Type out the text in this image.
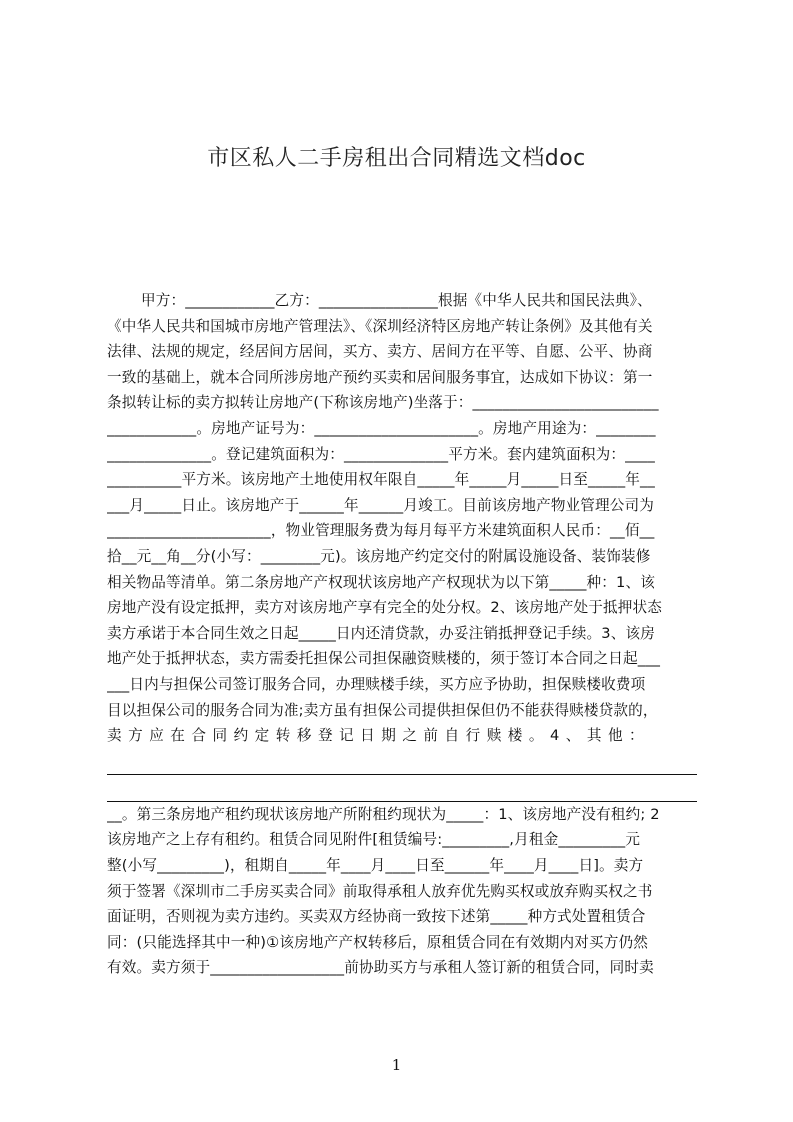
市区私人二手房租出合同精选文档doc
甲方：____________乙方：________________根据《中华人民共和国民法典》、
《中华人民共和国城市房地产管理法》、《深圳经济特区房地产转让条例》及其他有关
法律、法规的规定，经居间方居间，买方、卖方、居间方在平等、自愿、公平、协商
一致的基础上，就本合同所涉房地产预约买卖和居间服务事宜，达成如下协议：第一
条拟转让标的卖方拟转让房地产(下称该房地产)坐落于：_________________________
____________。房地产证号为：______________________。房地产用途为：________
______________。登记建筑面积为：______________平方米。套内建筑面积为：____
__________平方米。该房地产土地使用权年限自_____年_____月_____日至_____年__
___月_____日止。该房地产于______年______月竣工。目前该房地产物业管理公司为
______________________，物业管理服务费为每月每平方米建筑面积人民币：__佰__
拾__元__角__分(小写：________元)。该房地产约定交付的附属设施设备、装饰装修
相关物品等清单。第二条房地产产权现状该房地产产权现状为以下第_____种：1、该
房地产没有设定抵押，卖方对该房地产享有完全的处分权。2、该房地产处于抵押状态
卖方承诺于本合同生效之日起_____日内还清贷款，办妥注销抵押登记手续。3、该房
地产处于抵押状态，卖方需委托担保公司担保融资赎楼的，须于签订本合同之日起___
___日内与担保公司签订服务合同，办理赎楼手续，买方应予协助，担保赎楼收费项
目以担保公司的服务合同为准;卖方虽有担保公司提供担保但仍不能获得赎楼贷款的，
卖方应在合同约定转移登记日期之前自行赎楼。4、其他：
__。第三条房地产租约现状该房地产所附租约现状为_____：1、该房地产没有租约; 2
该房地产之上存有租约。租赁合同见附件[租赁编号:_________,月租金_________元
整(小写_________)，租期自_____年____月____日至______年____月____日]。卖方
须于签署《深圳市二手房买卖合同》前取得承租人放弃优先购买权或放弃购买权之书
面证明，否则视为卖方违约。买卖双方经协商一致按下述第_____种方式处置租赁合
同：(只能选择其中一种)①该房地产产权转移后，原租赁合同在有效期内对买方仍然
有效。卖方须于__________________前协助买方与承租人签订新的租赁合同，同时卖
1
